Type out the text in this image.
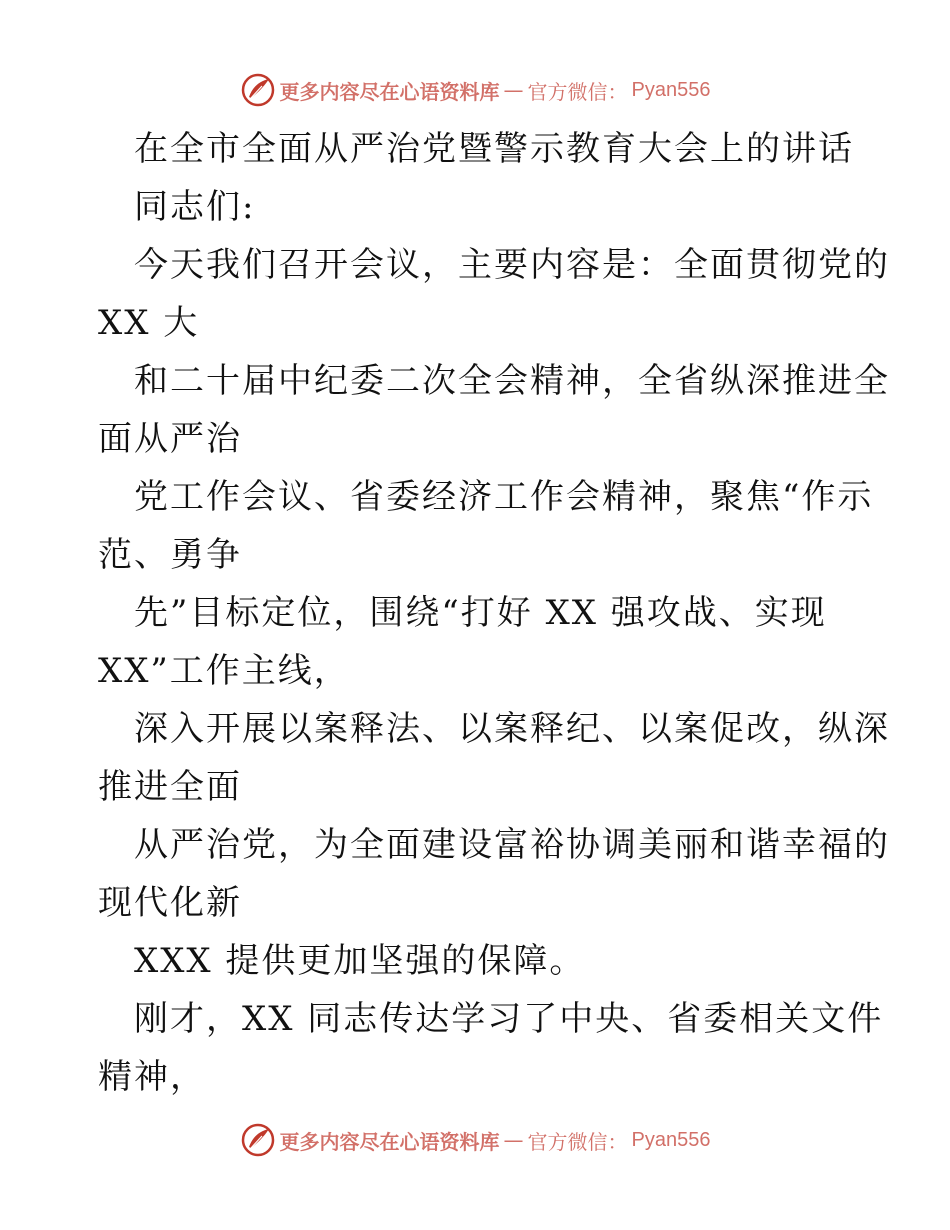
更多内容尽在心语资料库 — 官方微信： Pyan556
在全市全面从严治党暨警示教育大会上的讲话
同志们:
今天我们召开会议，主要内容是：全面贯彻党的
XX 大
和二十届中纪委二次全会精神，全省纵深推进全
面从严治
党工作会议、省委经济工作会精神，聚焦“作示
范、勇争
先”目标定位，围绕“打好 XX 强攻战、实现
XX”工作主线，
深入开展以案释法、以案释纪、以案促改，纵深
推进全面
从严治党，为全面建设富裕协调美丽和谐幸福的
现代化新
XXX 提供更加坚强的保障。
刚才，XX 同志传达学习了中央、省委相关文件
精神，
更多内容尽在心语资料库 — 官方微信： Pyan556
